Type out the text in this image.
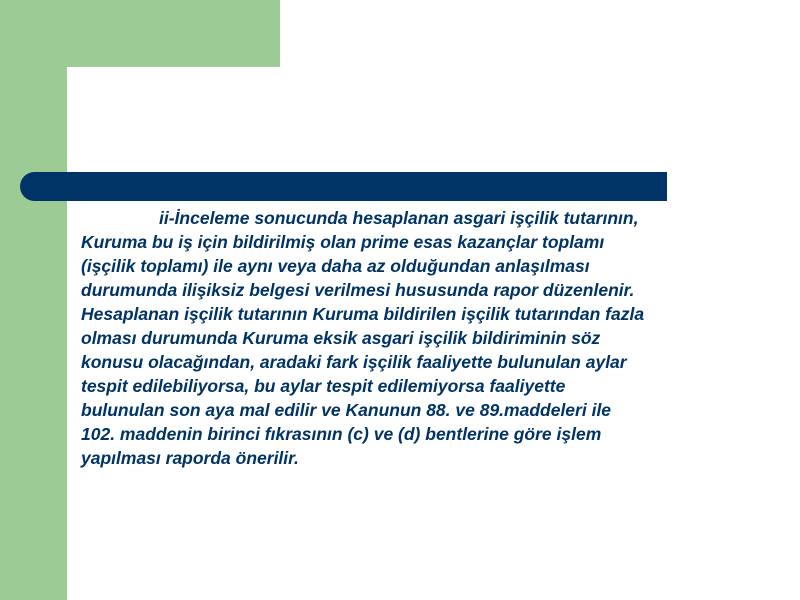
ii-İnceleme sonucunda hesaplanan asgari işçilik tutarının,
Kuruma bu iş için bildirilmiş olan prime esas kazançlar toplamı
(işçilik toplamı) ile aynı veya daha az olduğundan anlaşılması
durumunda ilişiksiz belgesi verilmesi hususunda rapor düzenlenir.
Hesaplanan işçilik tutarının Kuruma bildirilen işçilik tutarından fazla
olması durumunda Kuruma eksik asgari işçilik bildiriminin söz
konusu olacağından, aradaki fark işçilik faaliyette bulunulan aylar
tespit edilebiliyorsa, bu aylar tespit edilemiyorsa faaliyette
bulunulan son aya mal edilir ve Kanunun 88. ve 89.maddeleri ile
102. maddenin birinci fıkrasının (c) ve (d) bentlerine göre işlem
yapılması raporda önerilir.
